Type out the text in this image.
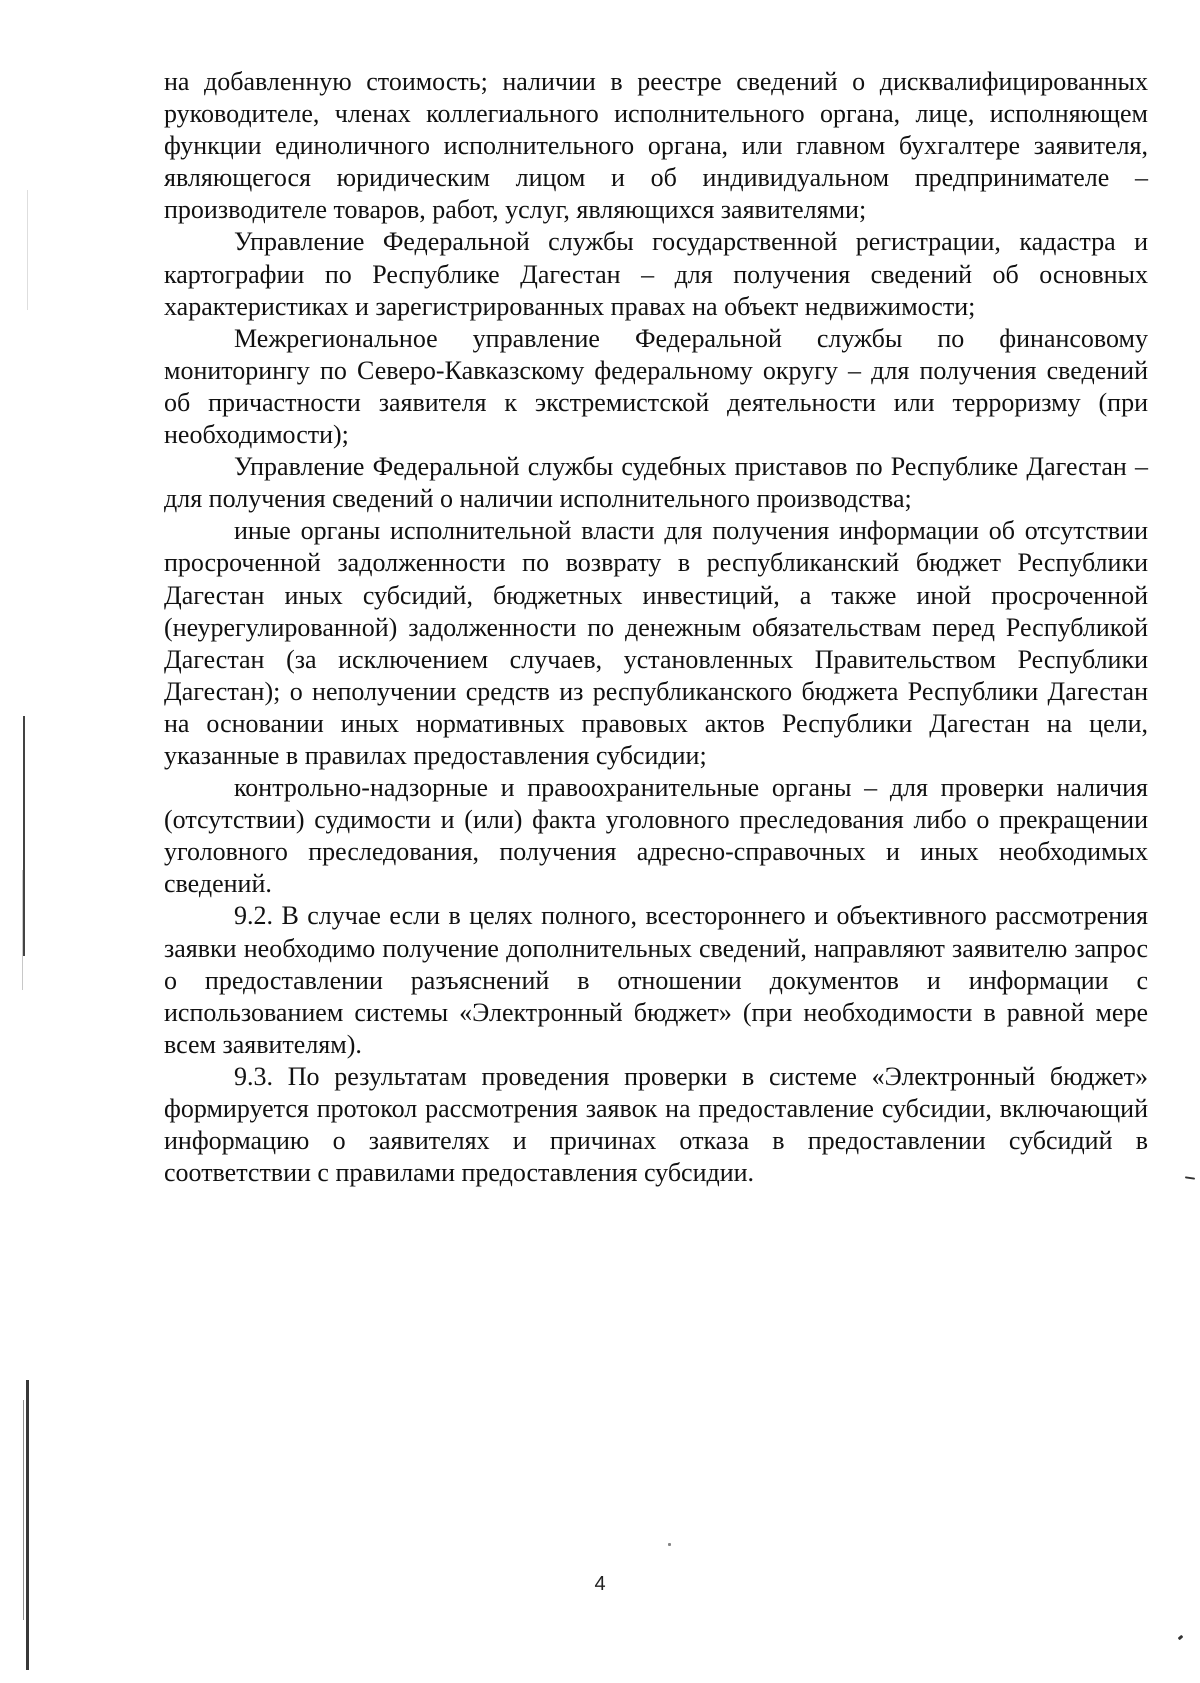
на добавленную стоимость; наличии в реестре сведений о дисквалифицированных руководителе, членах коллегиального исполнительного органа, лице, исполняющем функции единоличного исполнительного органа, или главном бухгалтере заявителя, являющегося юридическим лицом и об индивидуальном предпринимателе – производителе товаров, работ, услуг, являющихся заявителями;

Управление Федеральной службы государственной регистрации, кадастра и картографии по Республике Дагестан – для получения сведений об основных характеристиках и зарегистрированных правах на объект недвижимости;

Межрегиональное управление Федеральной службы по финансовому мониторингу по Северо-Кавказскому федеральному округу – для получения сведений об причастности заявителя к экстремистской деятельности или терроризму (при необходимости);

Управление Федеральной службы судебных приставов по Республике Дагестан – для получения сведений о наличии исполнительного производства;

иные органы исполнительной власти для получения информации об отсутствии просроченной задолженности по возврату в республиканский бюджет Республики Дагестан иных субсидий, бюджетных инвестиций, а также иной просроченной (неурегулированной) задолженности по денежным обязательствам перед Республикой Дагестан (за исключением случаев, установленных Правительством Республики Дагестан); о неполучении средств из республиканского бюджета Республики Дагестан на основании иных нормативных правовых актов Республики Дагестан на цели, указанные в правилах предоставления субсидии;

контрольно-надзорные и правоохранительные органы – для проверки наличия (отсутствии) судимости и (или) факта уголовного преследования либо о прекращении уголовного преследования, получения адресно-справочных и иных необходимых сведений.

9.2. В случае если в целях полного, всестороннего и объективного рассмотрения заявки необходимо получение дополнительных сведений, направляют заявителю запрос о предоставлении разъяснений в отношении документов и информации с использованием системы «Электронный бюджет» (при необходимости в равной мере всем заявителям).

9.3. По результатам проведения проверки в системе «Электронный бюджет» формируется протокол рассмотрения заявок на предоставление субсидии, включающий информацию о заявителях и причинах отказа в предоставлении субсидий в соответствии с правилами предоставления субсидии.

4
